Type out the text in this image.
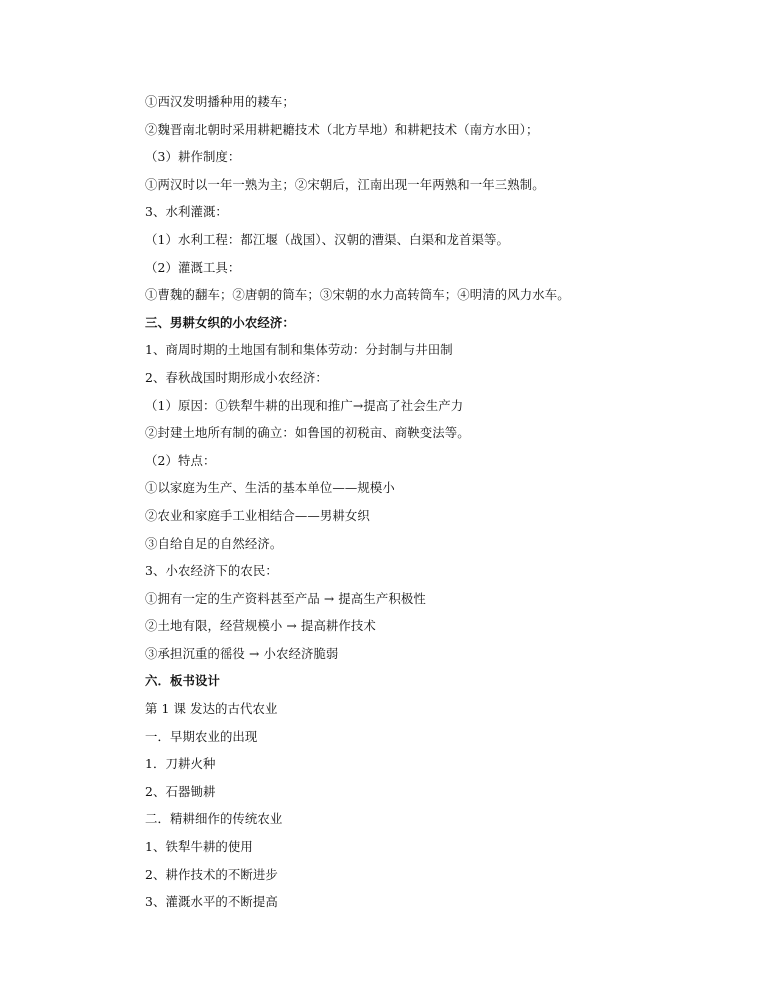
①西汉发明播种用的耧车；
②魏晋南北朝时采用耕耙耱技术（北方旱地）和耕耙技术（南方水田）；
（3）耕作制度：
①两汉时以一年一熟为主；②宋朝后，江南出现一年两熟和一年三熟制。
3、水利灌溉：
（1）水利工程：都江堰（战国）、汉朝的漕渠、白渠和龙首渠等。
（2）灌溉工具：
①曹魏的翻车；②唐朝的筒车；③宋朝的水力高转筒车；④明清的风力水车。
三、男耕女织的小农经济：
1、商周时期的土地国有制和集体劳动：分封制与井田制
2、春秋战国时期形成小农经济：
（1）原因：①铁犁牛耕的出现和推广→提高了社会生产力
②封建土地所有制的确立：如鲁国的初税亩、商鞅变法等。
（2）特点：
①以家庭为生产、生活的基本单位——规模小
②农业和家庭手工业相结合——男耕女织
③自给自足的自然经济。
3、小农经济下的农民：
①拥有一定的生产资料甚至产品 → 提高生产积极性
②土地有限，经营规模小 → 提高耕作技术
③承担沉重的徭役 → 小农经济脆弱
六．板书设计
第 1 课 发达的古代农业
一．早期农业的出现
1．刀耕火种
2、石器锄耕
二．精耕细作的传统农业
1、铁犁牛耕的使用
2、耕作技术的不断进步
3、灌溉水平的不断提高
